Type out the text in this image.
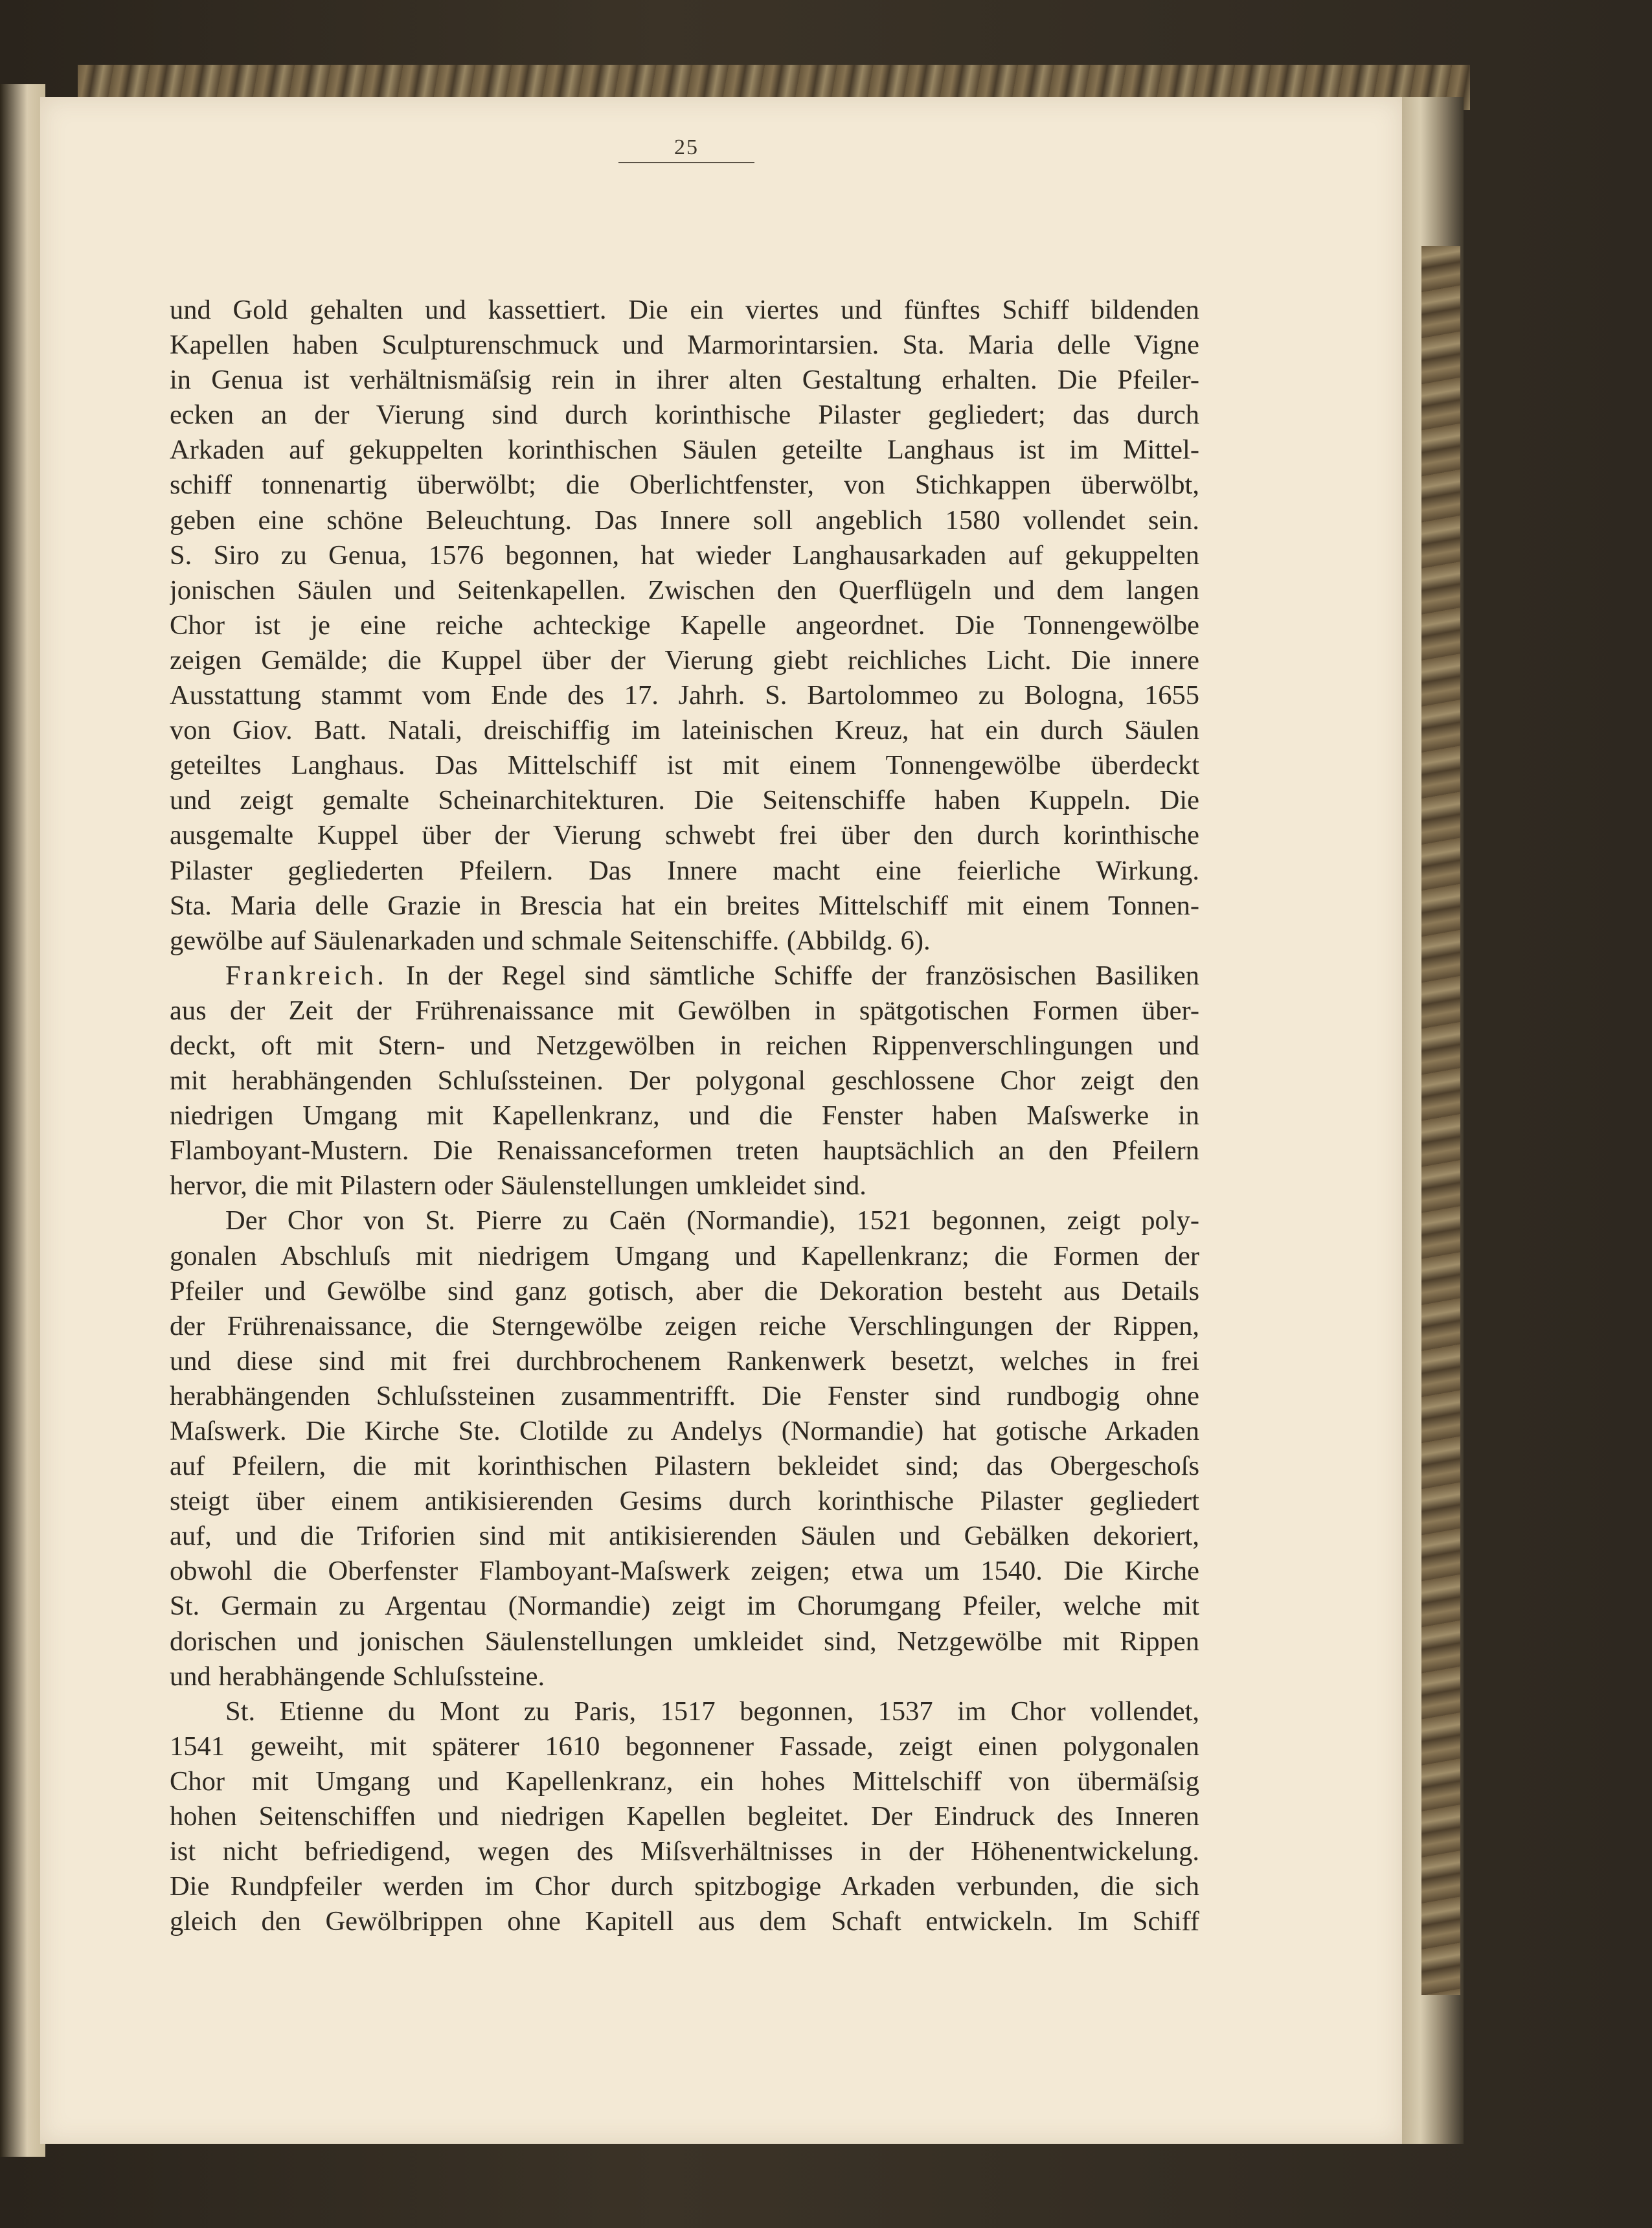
25
und Gold gehalten und kassettiert. Die ein viertes und fünftes Schiff bildenden
Kapellen haben Sculpturenschmuck und Marmorintarsien. Sta. Maria delle Vigne
in Genua ist verhältnismäſsig rein in ihrer alten Gestaltung erhalten. Die Pfeiler-
ecken an der Vierung sind durch korinthische Pilaster gegliedert; das durch
Arkaden auf gekuppelten korinthischen Säulen geteilte Langhaus ist im Mittel-
schiff tonnenartig überwölbt; die Oberlichtfenster, von Stichkappen überwölbt,
geben eine schöne Beleuchtung. Das Innere soll angeblich 1580 vollendet sein.
S. Siro zu Genua, 1576 begonnen, hat wieder Langhausarkaden auf gekuppelten
jonischen Säulen und Seitenkapellen. Zwischen den Querflügeln und dem langen
Chor ist je eine reiche achteckige Kapelle angeordnet. Die Tonnengewölbe
zeigen Gemälde; die Kuppel über der Vierung giebt reichliches Licht. Die innere
Ausstattung stammt vom Ende des 17. Jahrh. S. Bartolommeo zu Bologna, 1655
von Giov. Batt. Natali, dreischiffig im lateinischen Kreuz, hat ein durch Säulen
geteiltes Langhaus. Das Mittelschiff ist mit einem Tonnengewölbe überdeckt
und zeigt gemalte Scheinarchitekturen. Die Seitenschiffe haben Kuppeln. Die
ausgemalte Kuppel über der Vierung schwebt frei über den durch korinthische
Pilaster gegliederten Pfeilern. Das Innere macht eine feierliche Wirkung.
Sta. Maria delle Grazie in Brescia hat ein breites Mittelschiff mit einem Tonnen-
gewölbe auf Säulenarkaden und schmale Seitenschiffe. (Abbildg. 6).
Frankreich. In der Regel sind sämtliche Schiffe der französischen Basiliken
aus der Zeit der Frührenaissance mit Gewölben in spätgotischen Formen über-
deckt, oft mit Stern- und Netzgewölben in reichen Rippenverschlingungen und
mit herabhängenden Schluſssteinen. Der polygonal geschlossene Chor zeigt den
niedrigen Umgang mit Kapellenkranz, und die Fenster haben Maſswerke in
Flamboyant-Mustern. Die Renaissanceformen treten hauptsächlich an den Pfeilern
hervor, die mit Pilastern oder Säulenstellungen umkleidet sind.
Der Chor von St. Pierre zu Caën (Normandie), 1521 begonnen, zeigt poly-
gonalen Abschluſs mit niedrigem Umgang und Kapellenkranz; die Formen der
Pfeiler und Gewölbe sind ganz gotisch, aber die Dekoration besteht aus Details
der Frührenaissance, die Sterngewölbe zeigen reiche Verschlingungen der Rippen,
und diese sind mit frei durchbrochenem Rankenwerk besetzt, welches in frei
herabhängenden Schluſssteinen zusammentrifft. Die Fenster sind rundbogig ohne
Maſswerk. Die Kirche Ste. Clotilde zu Andelys (Normandie) hat gotische Arkaden
auf Pfeilern, die mit korinthischen Pilastern bekleidet sind; das Obergeschoſs
steigt über einem antikisierenden Gesims durch korinthische Pilaster gegliedert
auf, und die Triforien sind mit antikisierenden Säulen und Gebälken dekoriert,
obwohl die Oberfenster Flamboyant-Maſswerk zeigen; etwa um 1540. Die Kirche
St. Germain zu Argentau (Normandie) zeigt im Chorumgang Pfeiler, welche mit
dorischen und jonischen Säulenstellungen umkleidet sind, Netzgewölbe mit Rippen
und herabhängende Schluſssteine.
St. Etienne du Mont zu Paris, 1517 begonnen, 1537 im Chor vollendet,
1541 geweiht, mit späterer 1610 begonnener Fassade, zeigt einen polygonalen
Chor mit Umgang und Kapellenkranz, ein hohes Mittelschiff von übermäſsig
hohen Seitenschiffen und niedrigen Kapellen begleitet. Der Eindruck des Inneren
ist nicht befriedigend, wegen des Miſsverhältnisses in der Höhenentwickelung.
Die Rundpfeiler werden im Chor durch spitzbogige Arkaden verbunden, die sich
gleich den Gewölbrippen ohne Kapitell aus dem Schaft entwickeln. Im Schiff
